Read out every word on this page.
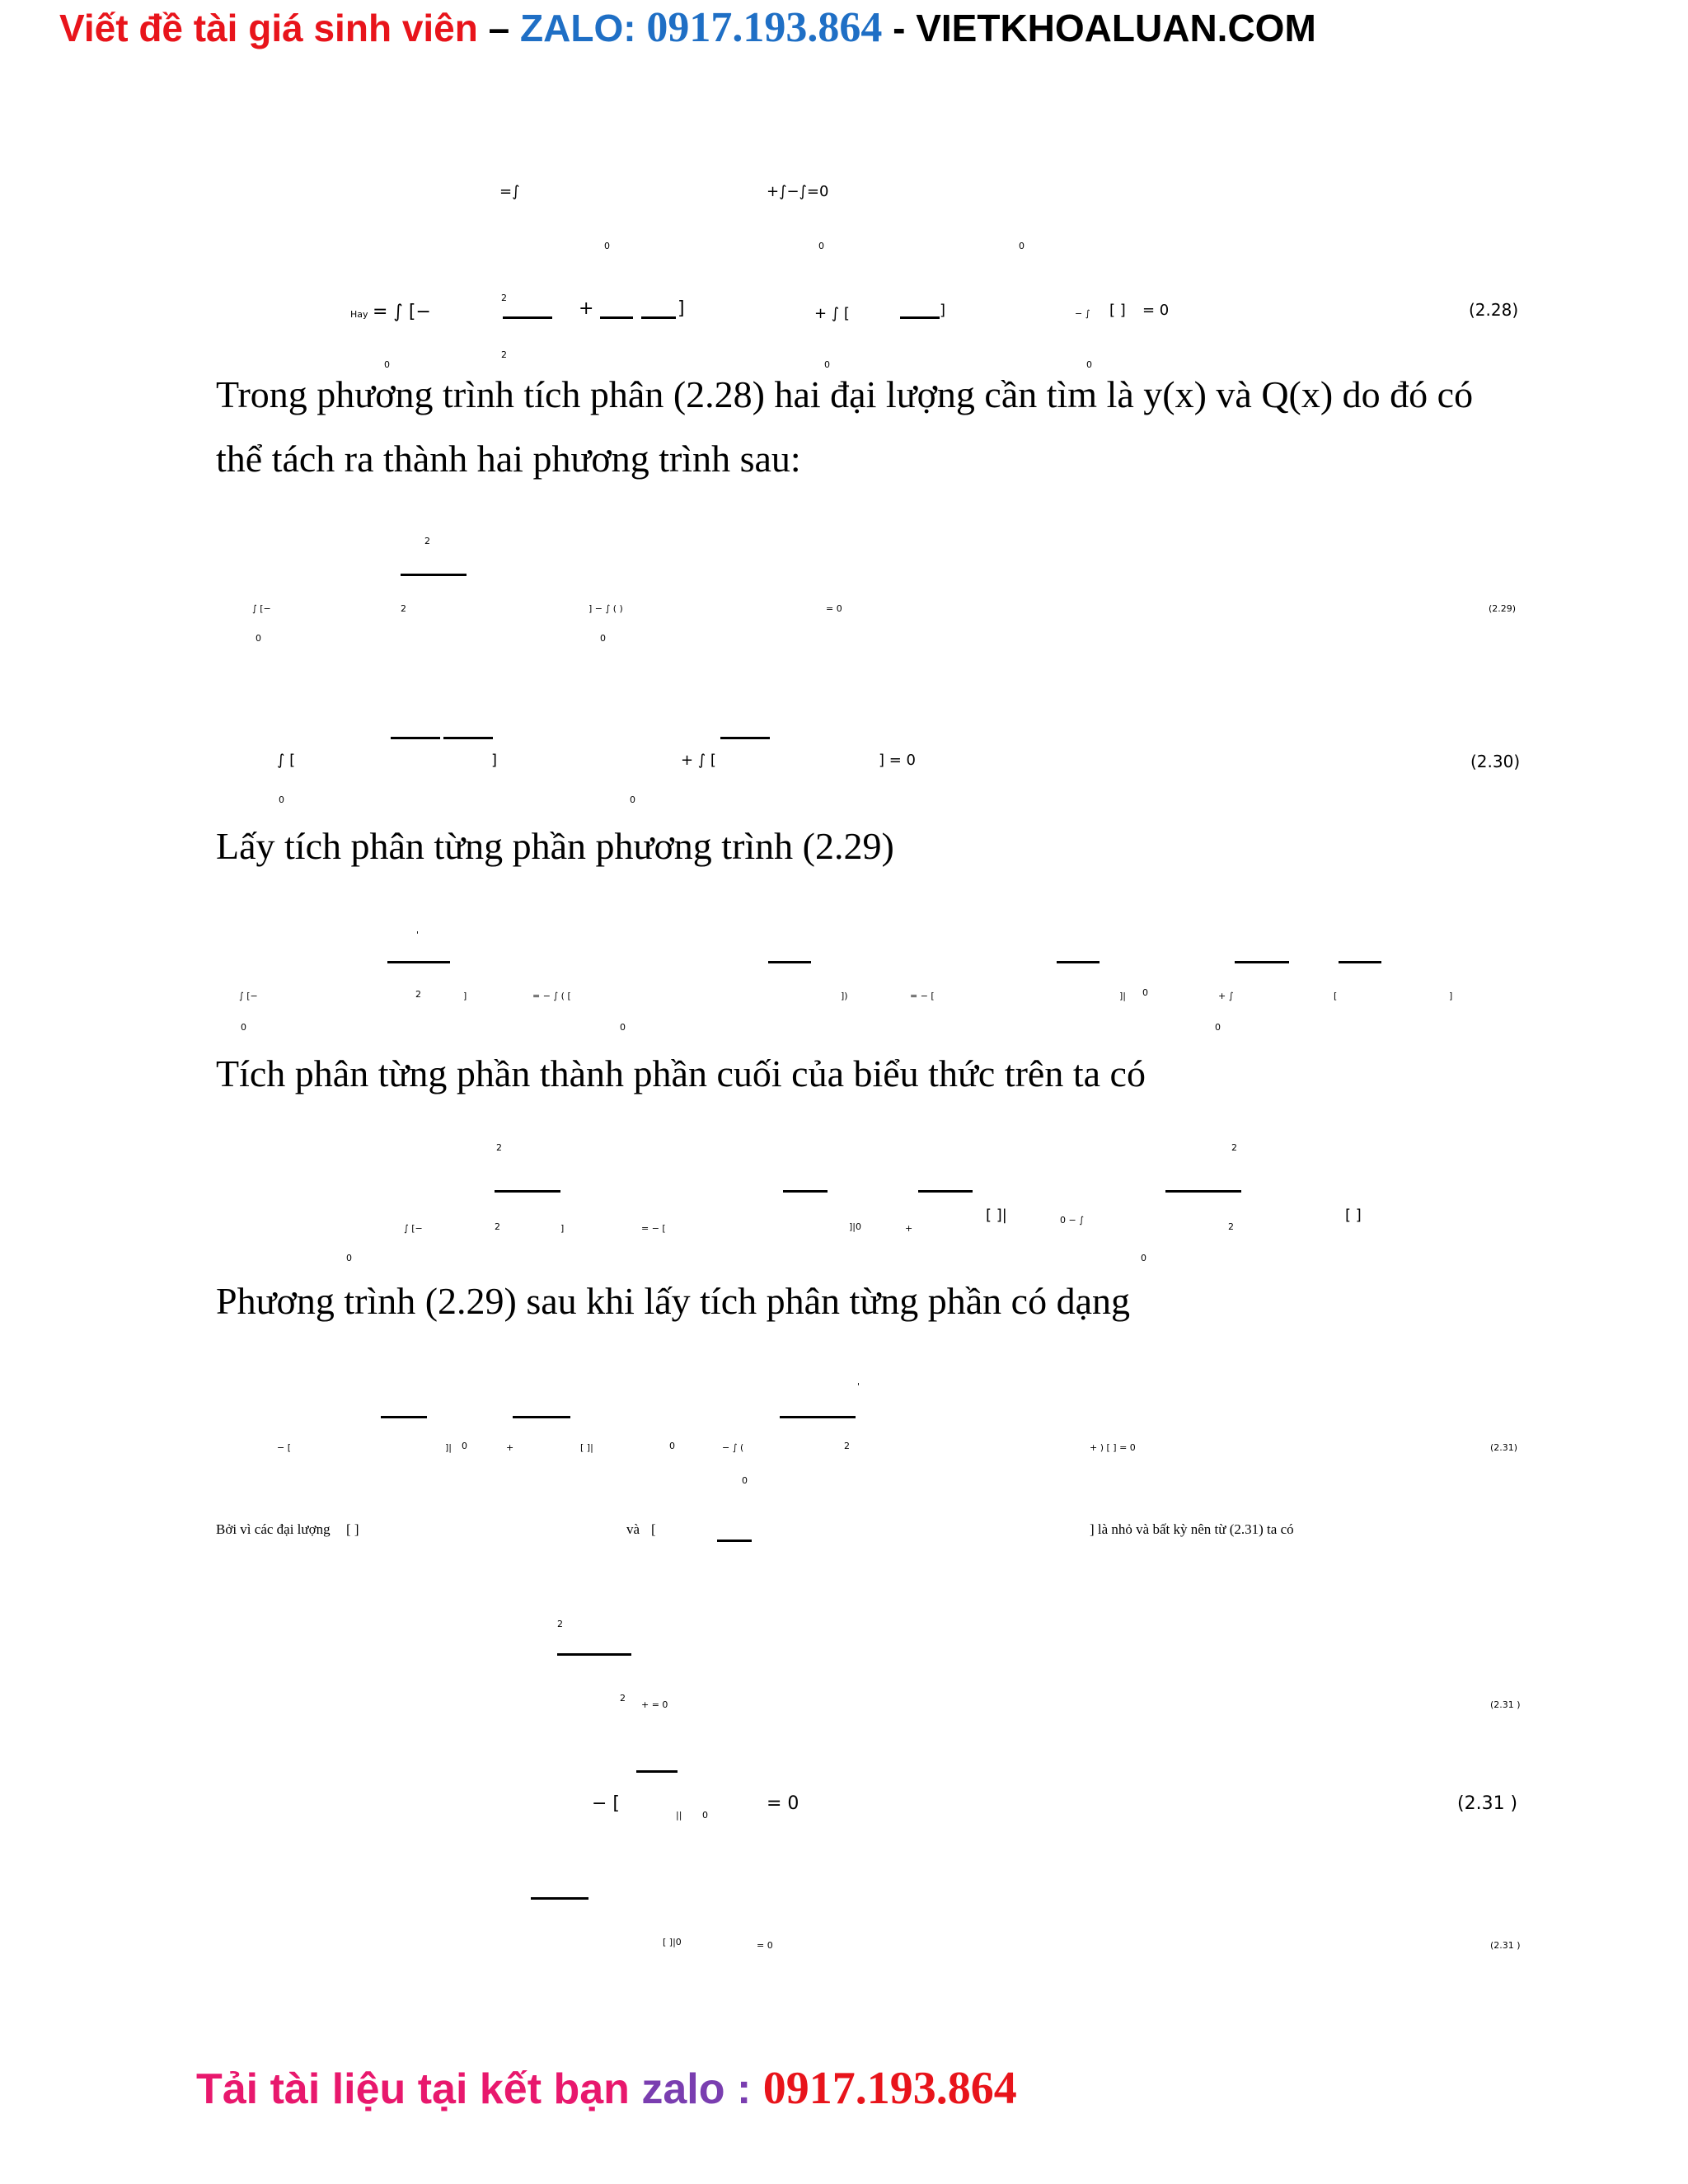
Viết đề tài giá sinh viên – ZALO: 0917.193.864 - VIETKHOALUAN.COM
=∫	+∫−∫=0
0	0	0
Hay = ∫ [−
2
2
+	]	+ ∫ [	]	− ∫ [ ] = 0
0	0	0
(2.28)
Trong phương trình tích phân (2.28) hai đại lượng cần tìm là y(x) và Q(x) do đó có
thể tách ra thành hai phương trình sau:
2
∫ [−	2	] − ∫ ( )	= 0
0	0
(2.29)
∫ [	]	+ ∫ [	] = 0
0	0
(2.30)
Lấy tích phân từng phần phương trình (2.29)
'
∫ [−	2	]	= − ∫ ( [	])	= − [	]| 0	+ ∫	[	]
0	0	0
Tích phân từng phần thành phần cuối của biểu thức trên ta có
2	2
∫ [−	2	]	= − [	]|0	+
[ ]|	0 − ∫
2
[ ]
0	0
Phương trình (2.29) sau khi lấy tích phân từng phần có dạng
'
− [	]| 0	+	[ ]|	0	− ∫ (	2	+ ) [ ] = 0
0
(2.31)
Bởi vì các đại lượng [ ]	và [	] là nhỏ và bất kỳ nên từ (2.31) ta có
2
2
+ = 0	(2.31 )
− [
|| 0
= 0	(2.31 )
[ ]|0	= 0	(2.31 )
Tải tài liệu tại kết bạn zalo : 0917.193.864
